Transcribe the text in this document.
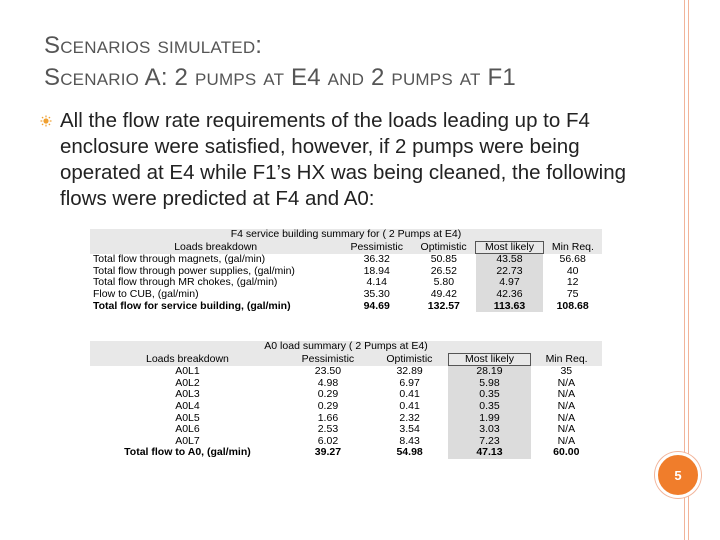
Scenarios simulated:
Scenario A: 2 pumps at E4 and 2 pumps at F1
All the flow rate requirements of the loads leading up to F4 enclosure were satisfied, however, if 2 pumps were being operated at E4 while F1’s HX was being cleaned, the following flows were predicted at F4 and A0:
F4 service building summary for ( 2 Pumps at E4)				
Loads breakdown	Pessimistic	Optimistic	Most likely	Min Req.
Total flow through magnets, (gal/min)	36.32	50.85	43.58	56.68
Total flow through power supplies, (gal/min)	18.94	26.52	22.73	40
Total flow through MR chokes, (gal/min)	4.14	5.80	4.97	12
Flow to CUB, (gal/min)	35.30	49.42	42.36	75
Total flow for service building, (gal/min)	94.69	132.57	113.63	108.68
A0 load summary ( 2 Pumps at E4)				
Loads breakdown	Pessimistic	Optimistic	Most likely	Min Req.
A0L1	23.50	32.89	28.19	35
A0L2	4.98	6.97	5.98	N/A
A0L3	0.29	0.41	0.35	N/A
A0L4	0.29	0.41	0.35	N/A
A0L5	1.66	2.32	1.99	N/A
A0L6	2.53	3.54	3.03	N/A
A0L7	6.02	8.43	7.23	N/A
Total flow to A0, (gal/min)	39.27	54.98	47.13	60.00
5
